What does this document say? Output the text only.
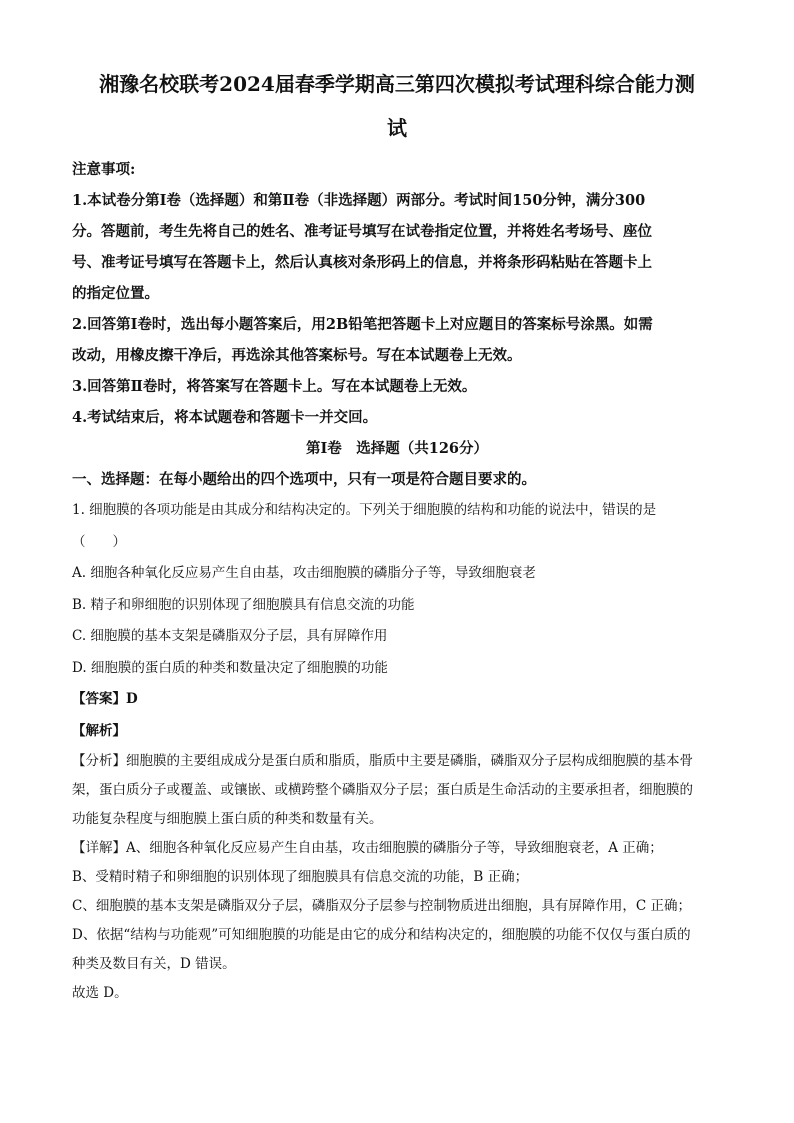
湘豫名校联考2024届春季学期高三第四次模拟考试理科综合能力测

试

注意事项:

1.本试卷分第Ⅰ卷（选择题）和第Ⅱ卷（非选择题）两部分。考试时间150分钟，满分300

分。答题前，考生先将自己的姓名、准考证号填写在试卷指定位置，并将姓名考场号、座位

号、准考证号填写在答题卡上，然后认真核对条形码上的信息，并将条形码粘贴在答题卡上

的指定位置。

2.回答第Ⅰ卷时，选出每小题答案后，用2B铅笔把答题卡上对应题目的答案标号涂黑。如需

改动，用橡皮擦干净后，再选涂其他答案标号。写在本试题卷上无效。

3.回答第Ⅱ卷时，将答案写在答题卡上。写在本试题卷上无效。

4.考试结束后，将本试题卷和答题卡一并交回。

第Ⅰ卷　选择题（共126分）

一、选择题：在每小题给出的四个选项中，只有一项是符合题目要求的。

1. 细胞膜的各项功能是由其成分和结构决定的。下列关于细胞膜的结构和功能的说法中，错误的是

（　　）

A. 细胞各种氧化反应易产生自由基，攻击细胞膜的磷脂分子等，导致细胞衰老

B. 精子和卵细胞的识别体现了细胞膜具有信息交流的功能

C. 细胞膜的基本支架是磷脂双分子层，具有屏障作用

D. 细胞膜的蛋白质的种类和数量决定了细胞膜的功能

【答案】D

【解析】

【分析】细胞膜的主要组成成分是蛋白质和脂质，脂质中主要是磷脂，磷脂双分子层构成细胞膜的基本骨

架，蛋白质分子或覆盖、或镶嵌、或横跨整个磷脂双分子层；蛋白质是生命活动的主要承担者，细胞膜的

功能复杂程度与细胞膜上蛋白质的种类和数量有关。

【详解】A、细胞各种氧化反应易产生自由基，攻击细胞膜的磷脂分子等，导致细胞衰老，A 正确；

B、受精时精子和卵细胞的识别体现了细胞膜具有信息交流的功能，B 正确；

C、细胞膜的基本支架是磷脂双分子层，磷脂双分子层参与控制物质进出细胞，具有屏障作用，C 正确；

D、依据“结构与功能观”可知细胞膜的功能是由它的成分和结构决定的，细胞膜的功能不仅仅与蛋白质的

种类及数目有关，D 错误。

故选 D。
